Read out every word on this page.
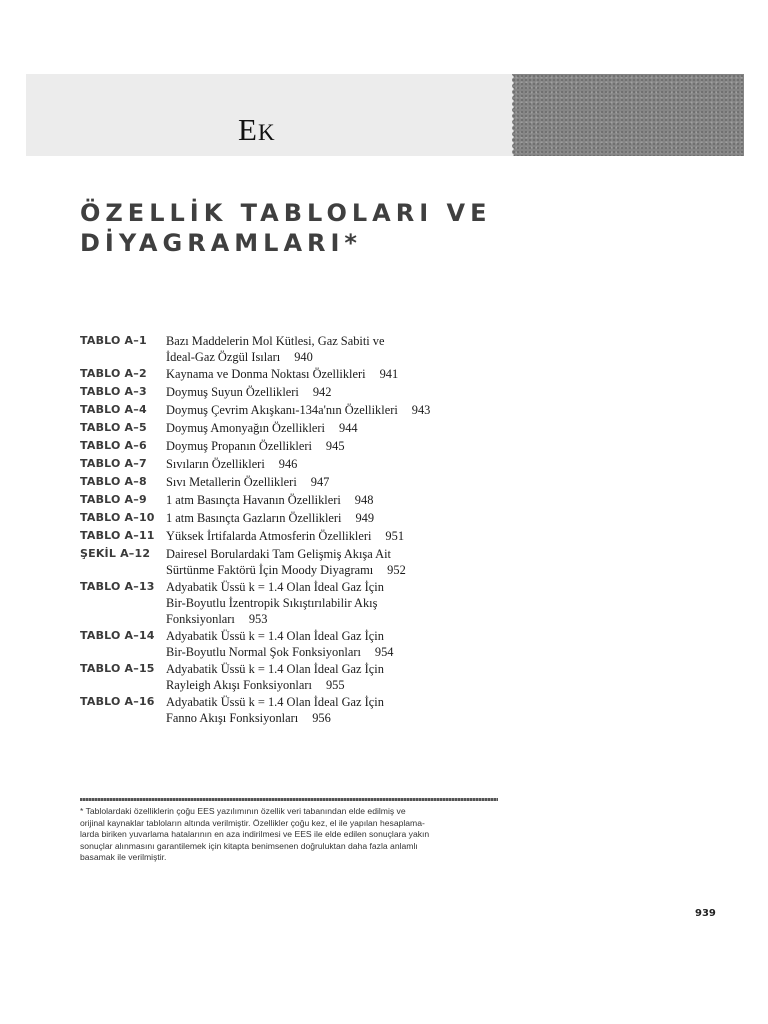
EK
ÖZELLİK TABLOLARI VE
DİYAGRAMLARI*
TABLO A–1	Bazı Maddelerin Mol Kütlesi, Gaz Sabiti ve
İdeal-Gaz Özgül Isıları 940
TABLO A–2	Kaynama ve Donma Noktası Özellikleri 941
TABLO A–3	Doymuş Suyun Özellikleri 942
TABLO A–4	Doymuş Çevrim Akışkanı-134a'nın Özellikleri 943
TABLO A–5	Doymuş Amonyağın Özellikleri 944
TABLO A–6	Doymuş Propanın Özellikleri 945
TABLO A–7	Sıvıların Özellikleri 946
TABLO A–8	Sıvı Metallerin Özellikleri 947
TABLO A–9	1 atm Basınçta Havanın Özellikleri 948
TABLO A–10 1 atm Basınçta Gazların Özellikleri 949
TABLO A–11 Yüksek İrtifalarda Atmosferin Özellikleri 951
ŞEKİL A–12	Dairesel Borulardaki Tam Gelişmiş Akışa Ait
Sürtünme Faktörü İçin Moody Diyagramı 952
TABLO A–13 Adyabatik Üssü k = 1.4 Olan İdeal Gaz İçin
Bir-Boyutlu İzentropik Sıkıştırılabilir Akış
Fonksiyonları 953
TABLO A–14 Adyabatik Üssü k = 1.4 Olan İdeal Gaz İçin
Bir-Boyutlu Normal Şok Fonksiyonları 954
TABLO A–15 Adyabatik Üssü k = 1.4 Olan İdeal Gaz İçin
Rayleigh Akışı Fonksiyonları 955
TABLO A–16 Adyabatik Üssü k = 1.4 Olan İdeal Gaz İçin
Fanno Akışı Fonksiyonları 956
* Tablolardaki özelliklerin çoğu EES yazılımının özellik veri tabanından elde edilmiş ve
orijinal kaynaklar tabloların altında verilmiştir. Özellikler çoğu kez, el ile yapılan hesaplama-
larda biriken yuvarlama hatalarının en aza indirilmesi ve EES ile elde edilen sonuçlara yakın
sonuçlar alınmasını garantilemek için kitapta benimsenen doğruluktan daha fazla anlamlı
basamak ile verilmiştir.
939
